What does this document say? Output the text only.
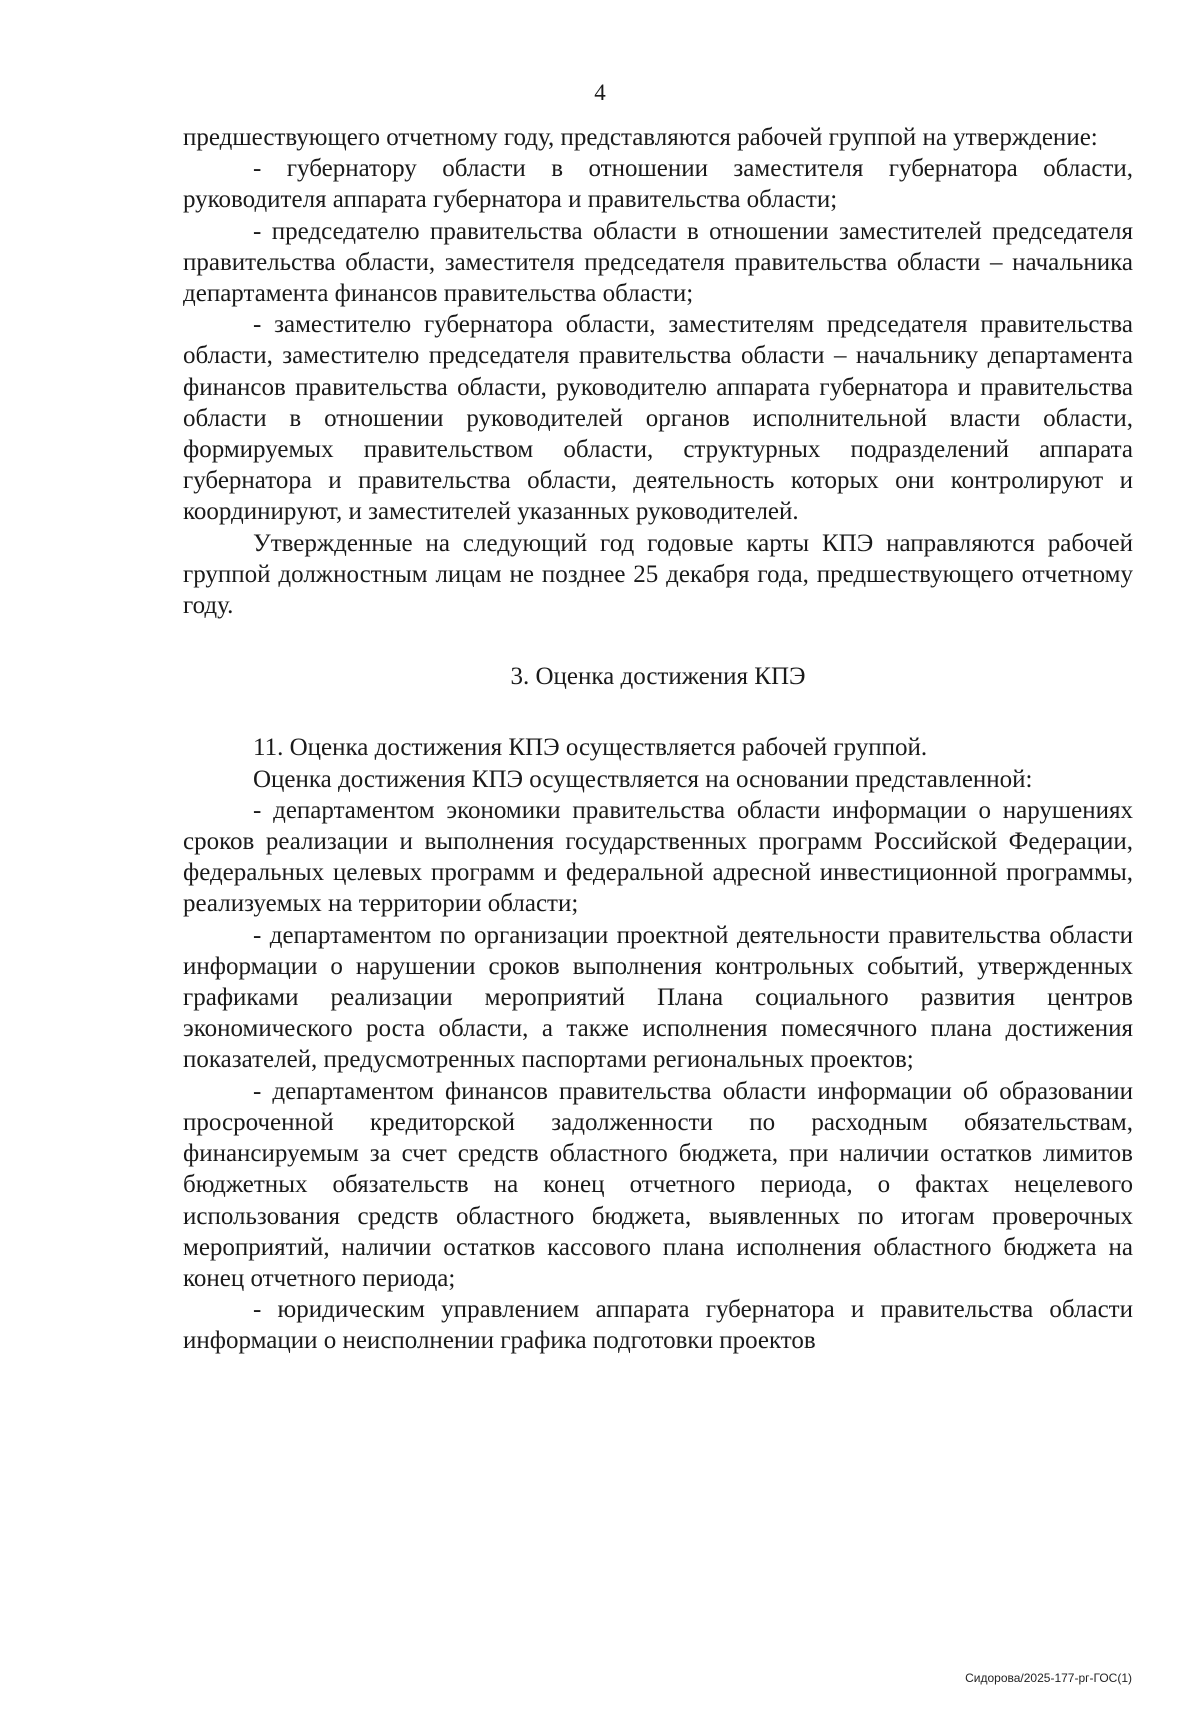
4

предшествующего отчетному году, представляются рабочей группой на утверждение:

- губернатору области в отношении заместителя губернатора области, руководителя аппарата губернатора и правительства области;

- председателю правительства области в отношении заместителей председателя правительства области, заместителя председателя правительства области – начальника департамента финансов правительства области;

- заместителю губернатора области, заместителям председателя правительства области, заместителю председателя правительства области – начальнику департамента финансов правительства области, руководителю аппарата губернатора и правительства области в отношении руководителей органов исполнительной власти области, формируемых правительством области, структурных подразделений аппарата губернатора и правительства области, деятельность которых они контролируют и координируют, и заместителей указанных руководителей.

Утвержденные на следующий год годовые карты КПЭ направляются рабочей группой должностным лицам не позднее 25 декабря года, предшествующего отчетному году.

3. Оценка достижения КПЭ

11. Оценка достижения КПЭ осуществляется рабочей группой.

Оценка достижения КПЭ осуществляется на основании представленной:

- департаментом экономики правительства области информации о нарушениях сроков реализации и выполнения государственных программ Российской Федерации, федеральных целевых программ и федеральной адресной инвестиционной программы, реализуемых на территории области;

- департаментом по организации проектной деятельности правительства области информации о нарушении сроков выполнения контрольных событий, утвержденных графиками реализации мероприятий Плана социального развития центров экономического роста области, а также исполнения помесячного плана достижения показателей, предусмотренных паспортами региональных проектов;

- департаментом финансов правительства области информации об образовании просроченной кредиторской задолженности по расходным обязательствам, финансируемым за счет средств областного бюджета, при наличии остатков лимитов бюджетных обязательств на конец отчетного периода, о фактах нецелевого использования средств областного бюджета, выявленных по итогам проверочных мероприятий, наличии остатков кассового плана исполнения областного бюджета на конец отчетного периода;

- юридическим управлением аппарата губернатора и правительства области информации о неисполнении графика подготовки проектов

Сидорова/2025-177-рг-ГОС(1)
